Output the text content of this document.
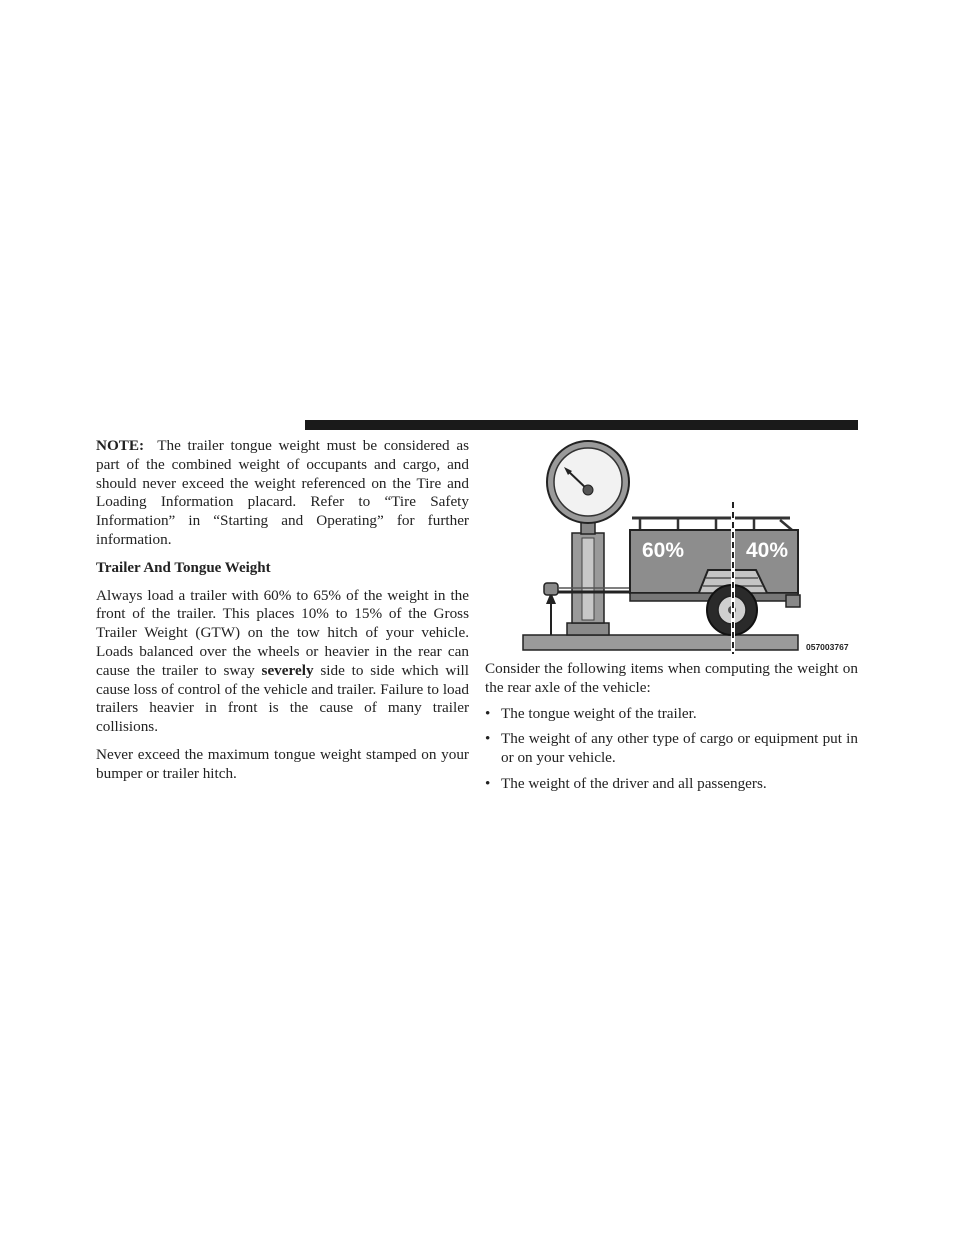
NOTE: The trailer tongue weight must be considered as part of the combined weight of occupants and cargo, and should never exceed the weight referenced on the Tire and Loading Information placard. Refer to “Tire Safety Information” in “Starting and Operating” for further information.

Trailer And Tongue Weight

Always load a trailer with 60% to 65% of the weight in the front of the trailer. This places 10% to 15% of the Gross Trailer Weight (GTW) on the tow hitch of your vehicle. Loads balanced over the wheels or heavier in the rear can cause the trailer to sway severely side to side which will cause loss of control of the vehicle and trailer. Failure to load trailers heavier in front is the cause of many trailer collisions.

Never exceed the maximum tongue weight stamped on your bumper or trailer hitch.

60%	40%
057003767

Consider the following items when computing the weight on the rear axle of the vehicle:

• The tongue weight of the trailer.
• The weight of any other type of cargo or equipment put in or on your vehicle.
• The weight of the driver and all passengers.
